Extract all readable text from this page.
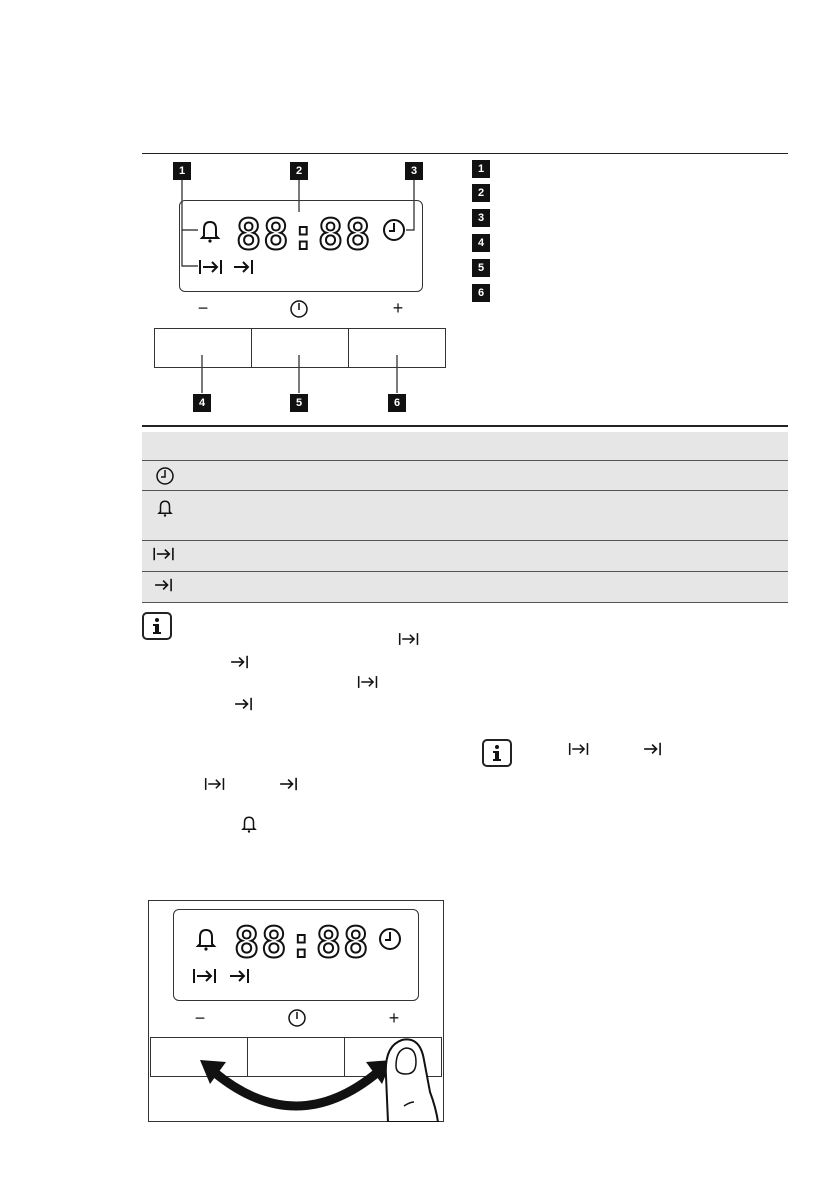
1	2	3
88:88
−	+
4	5	6
1
2
3
4
5
6
88:88
−	+
